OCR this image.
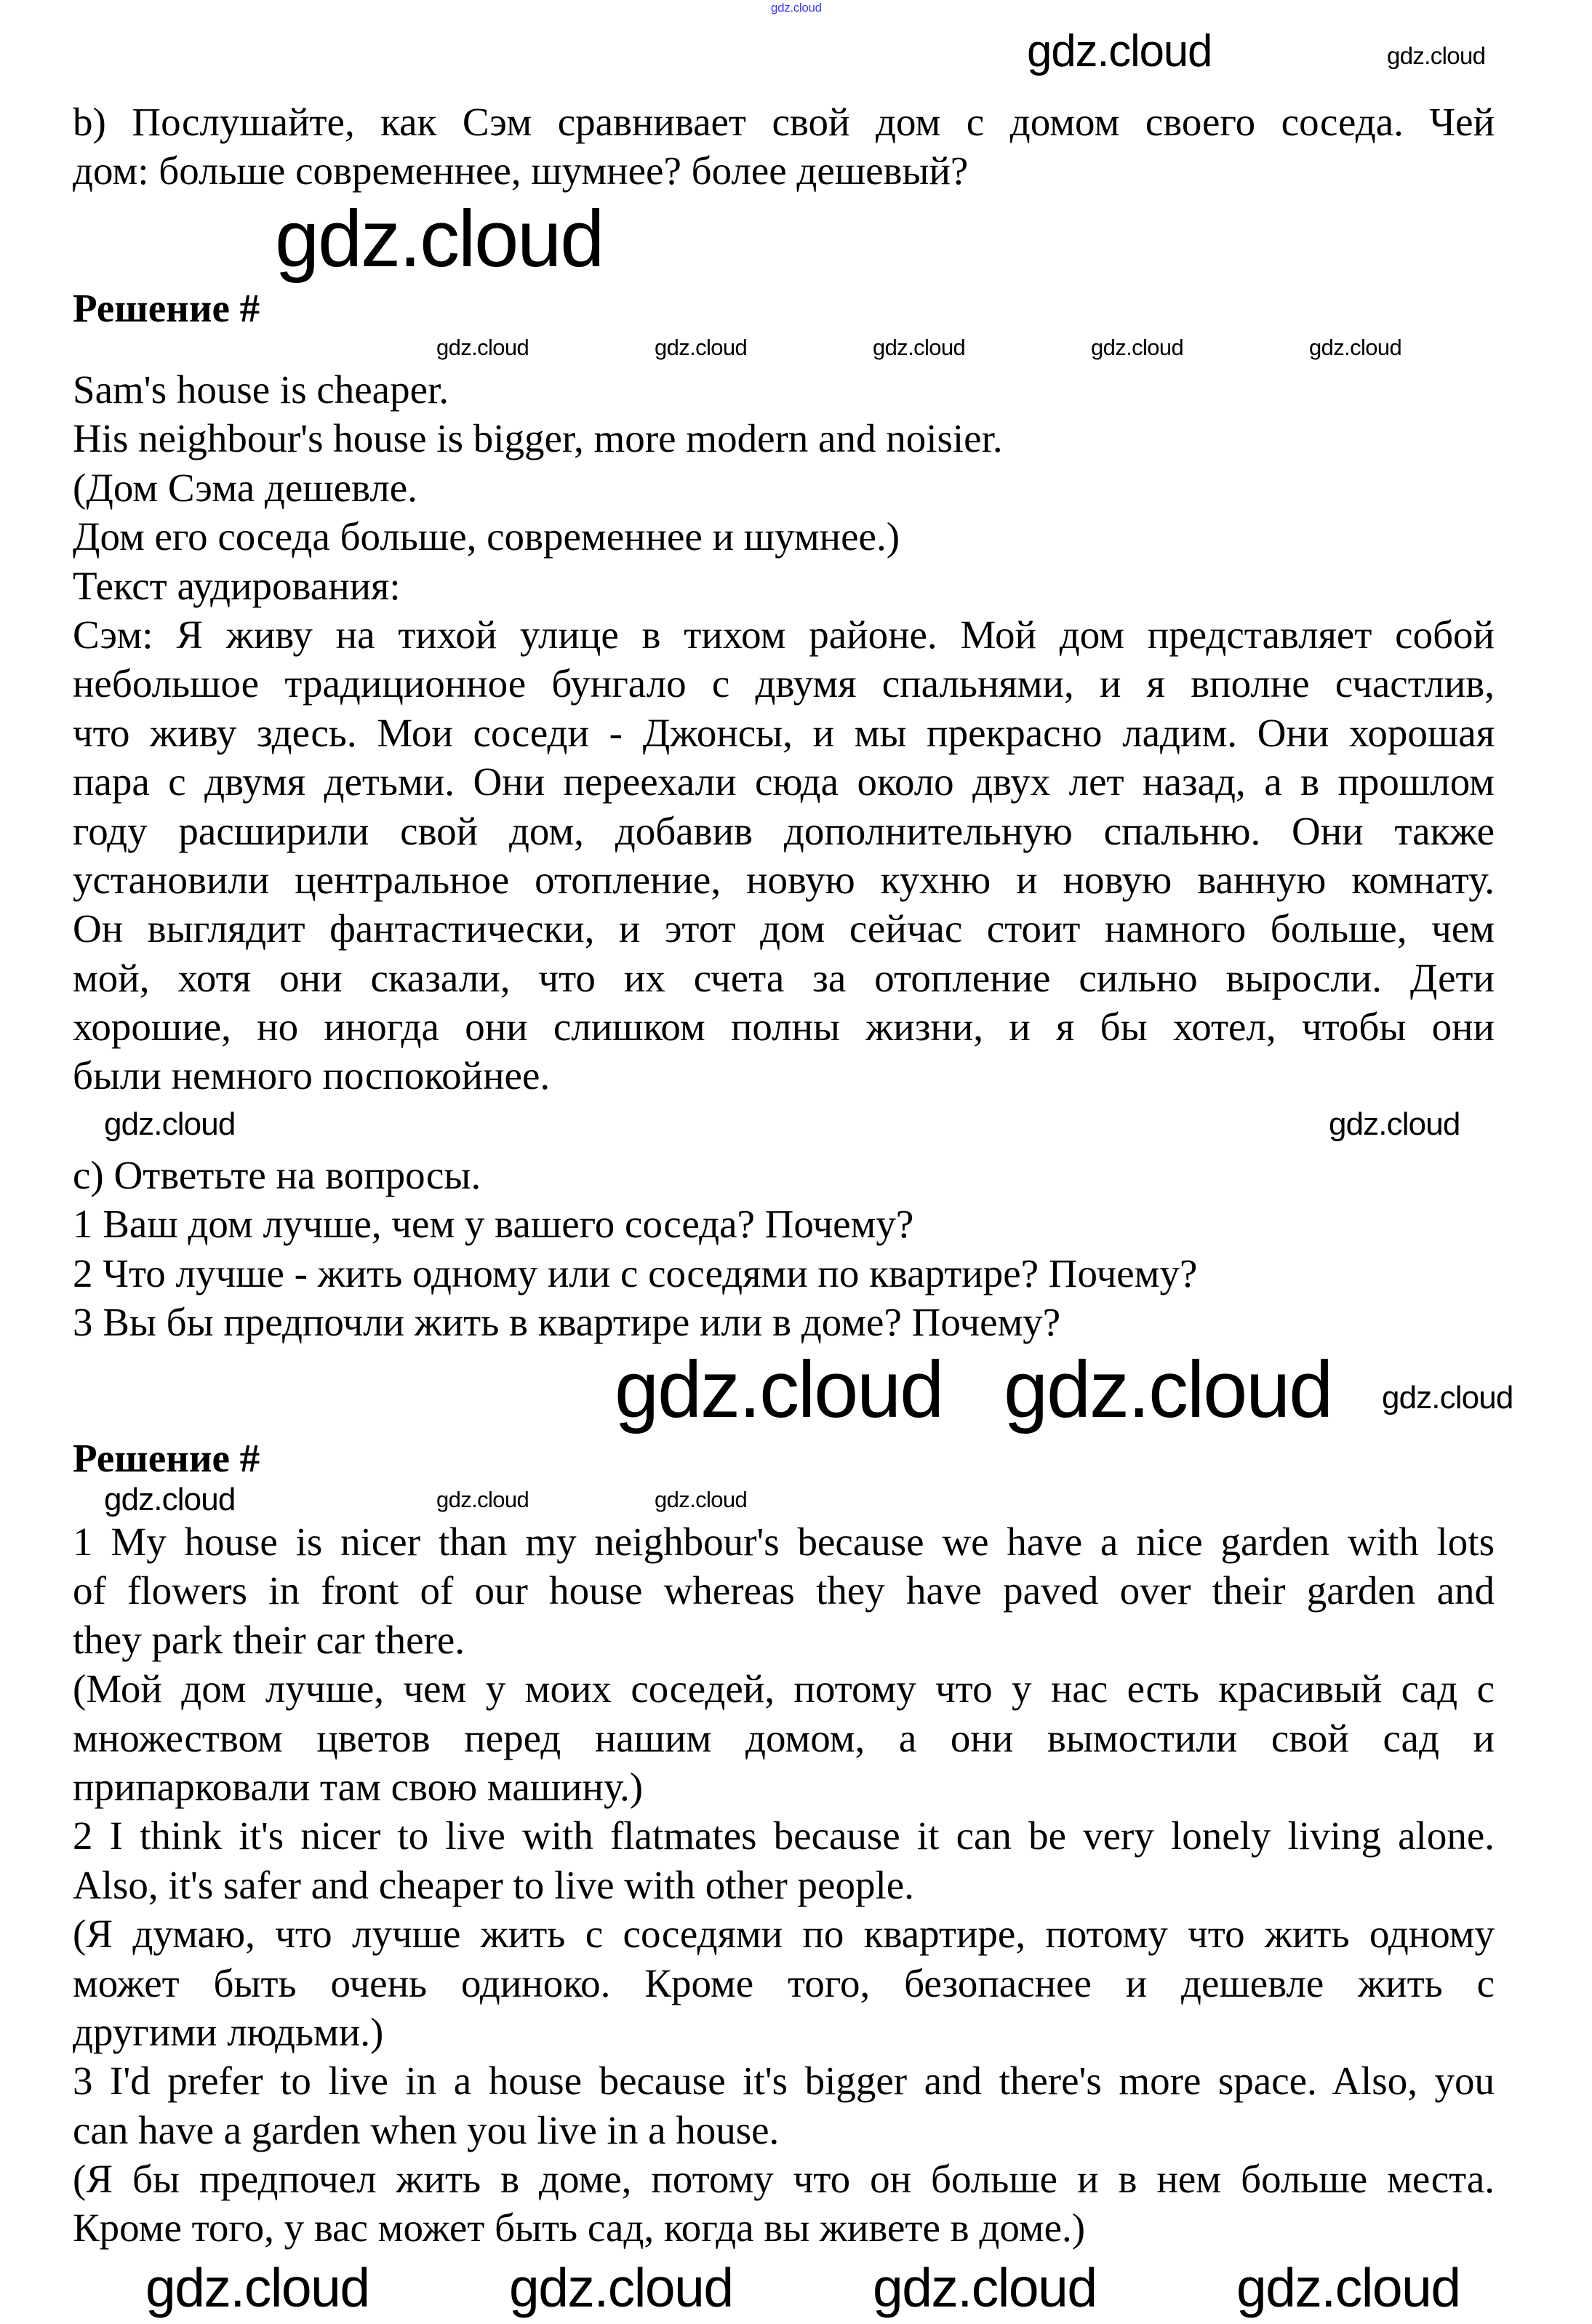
b) Послушайте, как Сэм сравнивает свой дом с домом своего соседа. Чей
дом: больше современнее, шумнее? более дешевый?
Решение #
Sam's house is cheaper.
His neighbour's house is bigger, more modern and noisier.
(Дом Сэма дешевле.
Дом его соседа больше, современнее и шумнее.)
Текст аудирования:
Сэм: Я живу на тихой улице в тихом районе. Мой дом представляет собой
небольшое традиционное бунгало с двумя спальнями, и я вполне счастлив,
что живу здесь. Мои соседи - Джонсы, и мы прекрасно ладим. Они хорошая
пара с двумя детьми. Они переехали сюда около двух лет назад, а в прошлом
году расширили свой дом, добавив дополнительную спальню. Они также
установили центральное отопление, новую кухню и новую ванную комнату.
Он выглядит фантастически, и этот дом сейчас стоит намного больше, чем
мой, хотя они сказали, что их счета за отопление сильно выросли. Дети
хорошие, но иногда они слишком полны жизни, и я бы хотел, чтобы они
были немного поспокойнее.
c) Ответьте на вопросы.
1 Ваш дом лучше, чем у вашего соседа? Почему?
2 Что лучше - жить одному или с соседями по квартире? Почему?
3 Вы бы предпочли жить в квартире или в доме? Почему?
Решение #
1 My house is nicer than my neighbour's because we have a nice garden with lots
of flowers in front of our house whereas they have paved over their garden and
they park their car there.
(Мой дом лучше, чем у моих соседей, потому что у нас есть красивый сад с
множеством цветов перед нашим домом, а они вымостили свой сад и
припарковали там свою машину.)
2 I think it's nicer to live with flatmates because it can be very lonely living alone.
Also, it's safer and cheaper to live with other people.
(Я думаю, что лучше жить с соседями по квартире, потому что жить одному
может быть очень одиноко. Кроме того, безопаснее и дешевле жить с
другими людьми.)
3 I'd prefer to live in a house because it's bigger and there's more space. Also, you
can have a garden when you live in a house.
(Я бы предпочел жить в доме, потому что он больше и в нем больше места.
Кроме того, у вас может быть сад, когда вы живете в доме.)
gdz.cloud
gdz.cloud	gdz.cloud
gdz.cloud
gdz.cloud	gdz.cloud	gdz.cloud	gdz.cloud	gdz.cloud
gdz.cloud	gdz.cloud
gdz.cloud gdz.cloud gdz.cloud
gdz.cloud	gdz.cloud	gdz.cloud
gdz.cloud	gdz.cloud	gdz.cloud	gdz.cloud
